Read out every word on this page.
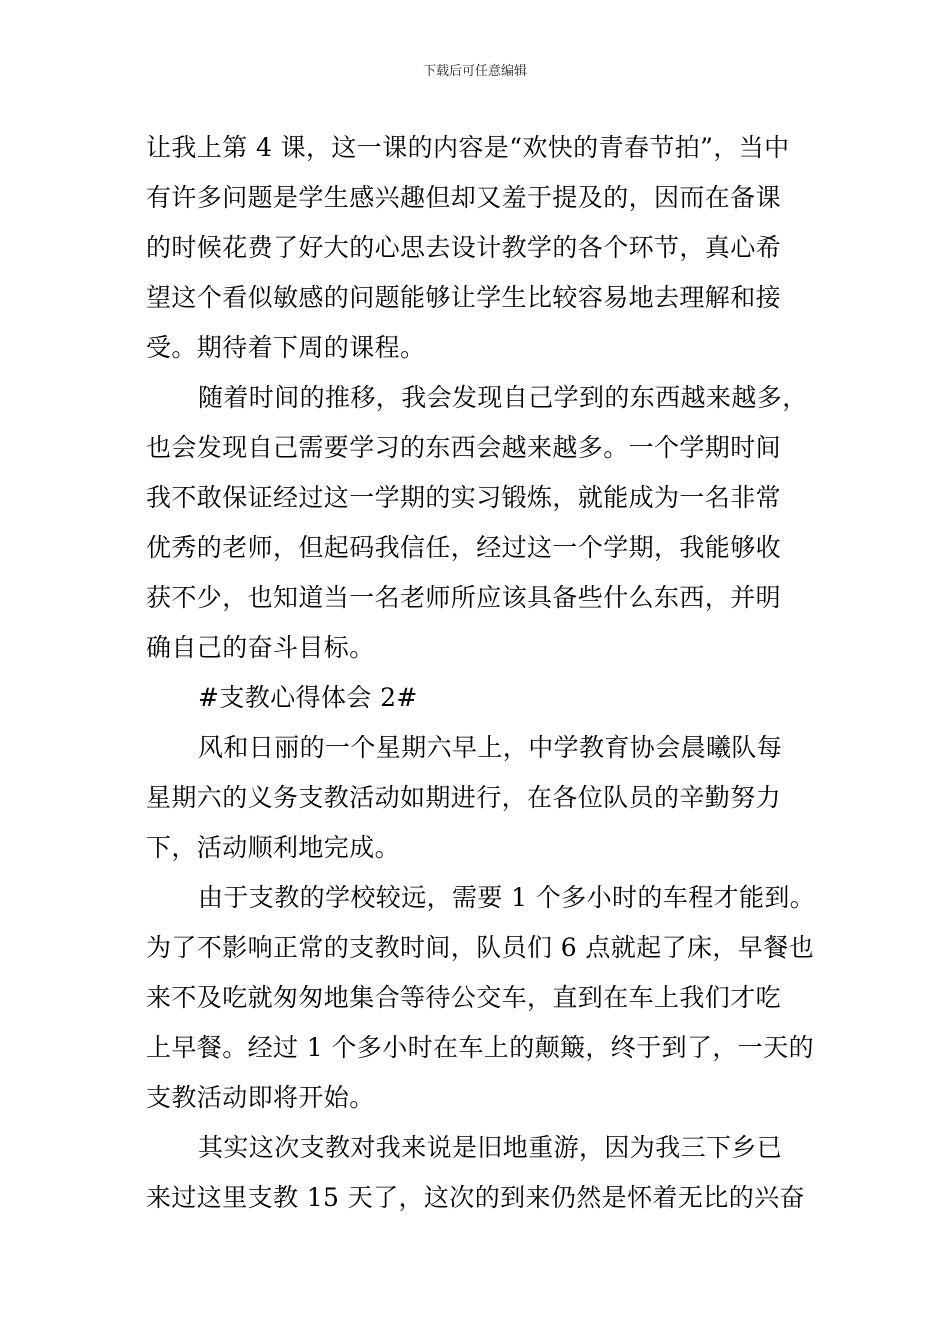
下载后可任意编辑

让我上第 4 课，这一课的内容是“欢快的青春节拍”，当中
有许多问题是学生感兴趣但却又羞于提及的，因而在备课
的时候花费了好大的心思去设计教学的各个环节，真心希
望这个看似敏感的问题能够让学生比较容易地去理解和接
受。期待着下周的课程。

随着时间的推移，我会发现自己学到的东西越来越多，
也会发现自己需要学习的东西会越来越多。一个学期时间
我不敢保证经过这一学期的实习锻炼，就能成为一名非常
优秀的老师，但起码我信任，经过这一个学期，我能够收
获不少，也知道当一名老师所应该具备些什么东西，并明
确自己的奋斗目标。

#支教心得体会 2#

风和日丽的一个星期六早上，中学教育协会晨曦队每
星期六的义务支教活动如期进行，在各位队员的辛勤努力
下，活动顺利地完成。

由于支教的学校较远，需要 1 个多小时的车程才能到。
为了不影响正常的支教时间，队员们 6 点就起了床，早餐也
来不及吃就匆匆地集合等待公交车，直到在车上我们才吃
上早餐。经过 1 个多小时在车上的颠簸，终于到了，一天的
支教活动即将开始。

其实这次支教对我来说是旧地重游，因为我三下乡已
来过这里支教 15 天了，这次的到来仍然是怀着无比的兴奋
